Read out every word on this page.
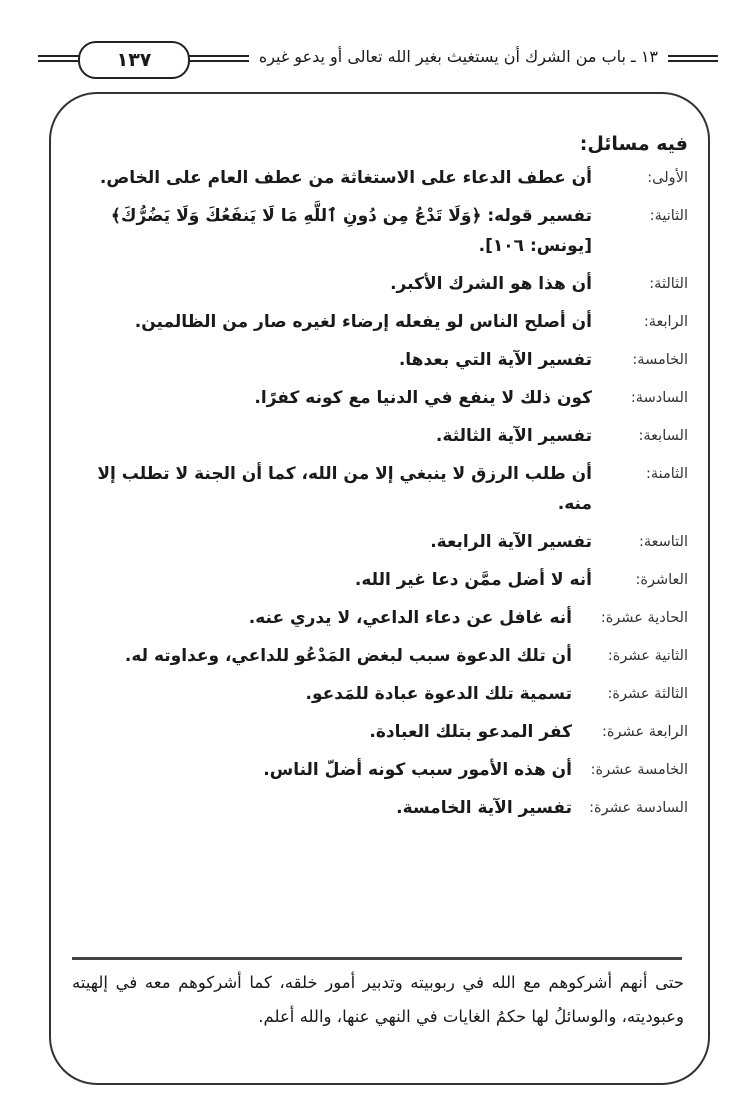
١٣٧	١٣ ـ باب من الشرك أن يستغيث بغير الله تعالى أو يدعو غيره
فيه مسائل:
الأولى:
أن عطف الدعاء على الاستغاثة من عطف العام على الخاص.
الثانية:
تفسير قوله: ﴿وَلَا تَدْعُ مِن دُونِ ٱللَّهِ مَا لَا يَنفَعُكَ وَلَا يَضُرُّكَ﴾ [يونس: ١٠٦].
الثالثة:
أن هذا هو الشرك الأكبر.
الرابعة:
أن أصلح الناس لو يفعله إرضاء لغيره صار من الظالمين.
الخامسة:
تفسير الآية التي بعدها.
السادسة:
كون ذلك لا ينفع في الدنيا مع كونه كفرًا.
السابعة:
تفسير الآية الثالثة.
الثامنة:
أن طلب الرزق لا ينبغي إلا من الله، كما أن الجنة لا تطلب إلا منه.
التاسعة:
تفسير الآية الرابعة.
العاشرة:
أنه لا أضل ممَّن دعا غير الله.
الحادية عشرة:
أنه غافل عن دعاء الداعي، لا يدري عنه.
الثانية عشرة:
أن تلك الدعوة سبب لبغض المَدْعُو للداعي، وعداوته له.
الثالثة عشرة:
تسمية تلك الدعوة عبادة للمَدعو.
الرابعة عشرة:
كفر المدعو بتلك العبادة.
الخامسة عشرة:
أن هذه الأمور سبب كونه أضلّ الناس.
السادسة عشرة:
تفسير الآية الخامسة.
حتى أنهم أشركوهم مع الله في ربوبيته وتدبير أمور خلقه، كما أشركوهم معه في إلهيته وعبوديته، والوسائلُ لها حكمُ الغايات في النهي عنها، والله أعلم.
